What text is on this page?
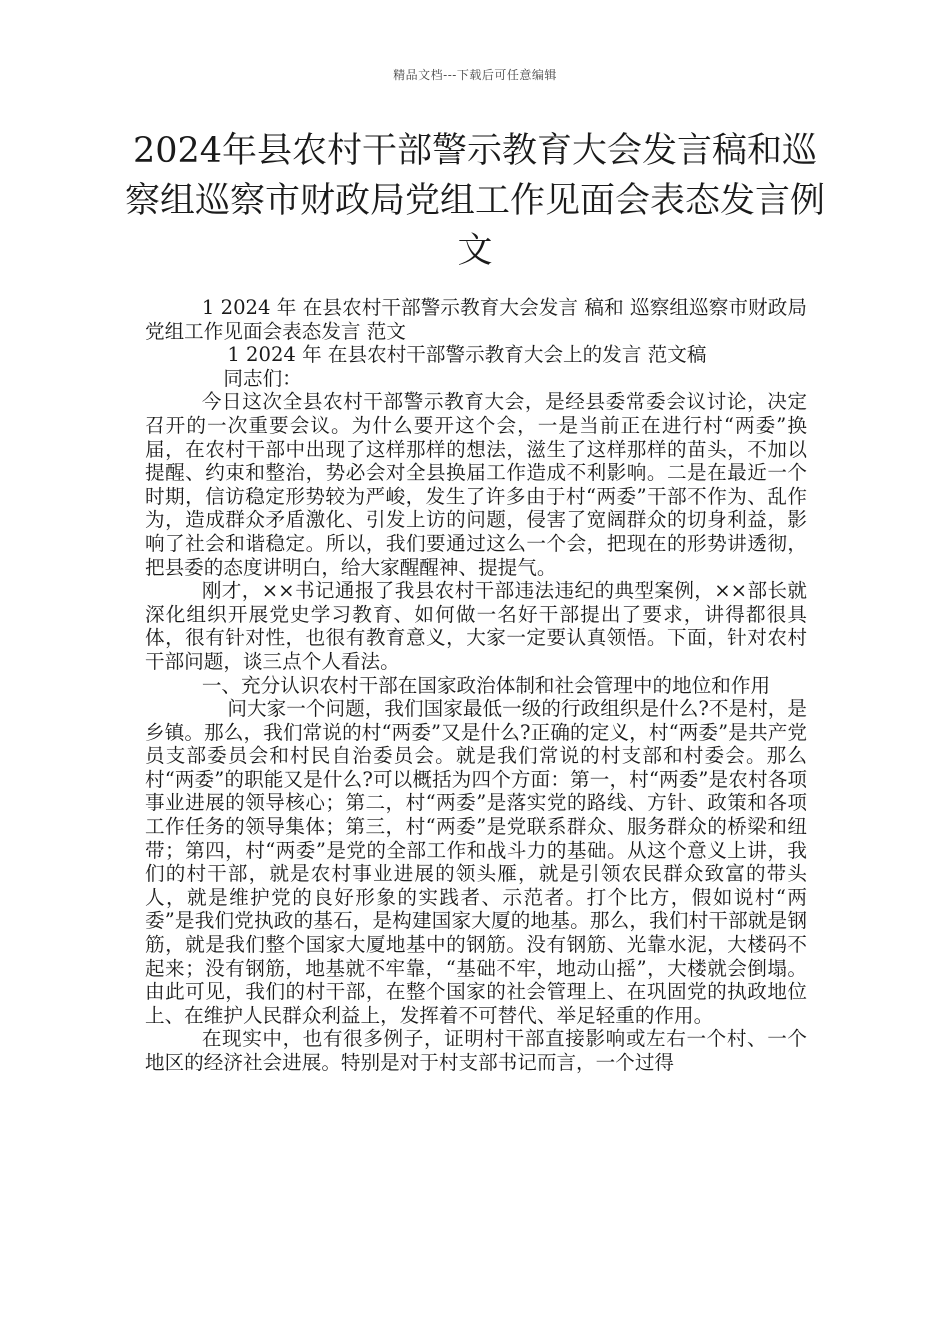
精品文档---下载后可任意编辑
2024年县农村干部警示教育大会发言稿和巡察组巡察市财政局党组工作见面会表态发言例文

1 2024 年 在县农村干部警示教育大会发言 稿和 巡察组巡察市财政局党组工作见面会表态发言 范文

1 2024 年 在县农村干部警示教育大会上的发言 范文稿

同志们：

今日这次全县农村干部警示教育大会，是经县委常委会议讨论，决定召开的一次重要会议。为什么要开这个会，一是当前正在进行村“两委”换届，在农村干部中出现了这样那样的想法，滋生了这样那样的苗头，不加以提醒、约束和整治，势必会对全县换届工作造成不利影响。二是在最近一个时期，信访稳定形势较为严峻，发生了许多由于村“两委”干部不作为、乱作为，造成群众矛盾激化、引发上访的问题，侵害了宽阔群众的切身利益，影响了社会和谐稳定。所以，我们要通过这么一个会，把现在的形势讲透彻，把县委的态度讲明白，给大家醒醒神、提提气。

刚才，××书记通报了我县农村干部违法违纪的典型案例，××部长就深化组织开展党史学习教育、如何做一名好干部提出了要求，讲得都很具体，很有针对性，也很有教育意义，大家一定要认真领悟。下面，针对农村干部问题，谈三点个人看法。

一、充分认识农村干部在国家政治体制和社会管理中的地位和作用

问大家一个问题，我们国家最低一级的行政组织是什么?不是村，是乡镇。那么，我们常说的村“两委”又是什么?正确的定义，村“两委”是共产党员支部委员会和村民自治委员会。就是我们常说的村支部和村委会。那么村“两委”的职能又是什么?可以概括为四个方面：第一，村“两委”是农村各项事业进展的领导核心；第二，村“两委”是落实党的路线、方针、政策和各项工作任务的领导集体；第三，村“两委”是党联系群众、服务群众的桥梁和纽带；第四，村“两委”是党的全部工作和战斗力的基础。从这个意义上讲，我们的村干部，就是农村事业进展的领头雁，就是引领农民群众致富的带头人，就是维护党的良好形象的实践者、示范者。打个比方，假如说村“两委”是我们党执政的基石，是构建国家大厦的地基。那么，我们村干部就是钢筋，就是我们整个国家大厦地基中的钢筋。没有钢筋、光靠水泥，大楼码不起来；没有钢筋，地基就不牢靠，“基础不牢，地动山摇”，大楼就会倒塌。由此可见，我们的村干部，在整个国家的社会管理上、在巩固党的执政地位上、在维护人民群众利益上，发挥着不可替代、举足轻重的作用。

在现实中，也有很多例子，证明村干部直接影响或左右一个村、一个地区的经济社会进展。特别是对于村支部书记而言，一个过得
